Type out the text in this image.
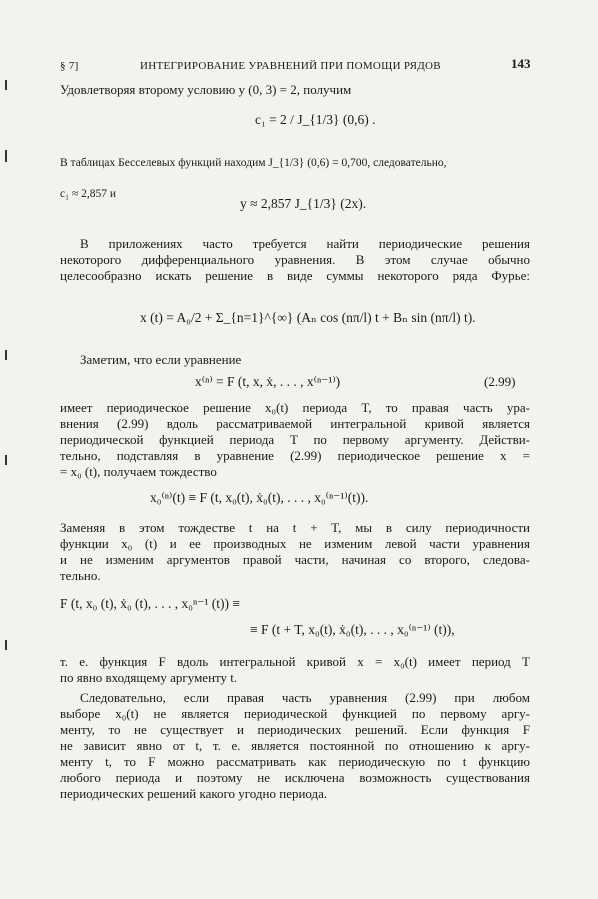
§ 7]	ИНТЕГРИРОВАНИЕ УРАВНЕНИЙ ПРИ ПОМОЩИ РЯДОВ	143
Удовлетворяя второму условию y (0, 3) = 2, получим
c₁ = 2 / J_{1/3} (0,6) .
В таблицах Бесселевых функций находим J_{1/3} (0,6) = 0,700, следовательно,
c₁ ≈ 2,857 и
y ≈ 2,857 J_{1/3} (2x).
В приложениях часто требуется найти периодические решения
некоторого дифференциального уравнения. В этом случае обычно
целесообразно искать решение в виде суммы некоторого ряда Фурье:
x (t) = A₀/2 + Σ_{n=1}^{∞} (Aₙ cos (nπ/l) t + Bₙ sin (nπ/l) t).
Заметим, что если уравнение
x⁽ⁿ⁾ = F (t, x, ẋ, . . . , x⁽ⁿ⁻¹⁾)	(2.99)
имеет периодическое решение x₀(t) периода T, то правая часть ура-
внения (2.99) вдоль рассматриваемой интегральной кривой является
периодической функцией периода T по первому аргументу. Действи-
тельно, подставляя в уравнение (2.99) периодическое решение x =
= x₀ (t), получаем тождество
x₀⁽ⁿ⁾(t) ≡ F (t, x₀(t), ẋ₀(t), . . . , x₀⁽ⁿ⁻¹⁾(t)).
Заменяя в этом тождестве t на t + T, мы в силу периодичности
функции x₀ (t) и ее производных не изменим левой части уравнения
и не изменим аргументов правой части, начиная со второго, следова-
тельно.
F (t, x₀ (t), ẋ₀ (t), . . . , x₀ⁿ⁻¹ (t)) ≡
≡ F (t + T, x₀(t), ẋ₀(t), . . . , x₀⁽ⁿ⁻¹⁾ (t)),
т. е. функция F вдоль интегральной кривой x = x₀(t) имеет период T
по явно входящему аргументу t.
Следовательно, если правая часть уравнения (2.99) при любом
выборе x₀(t) не является периодической функцией по первому аргу-
менту, то не существует и периодических решений. Если функция F
не зависит явно от t, т. е. является постоянной по отношению к аргу-
менту t, то F можно рассматривать как периодическую по t функцию
любого периода и поэтому не исключена возможность существования
периодических решений какого угодно периода.
